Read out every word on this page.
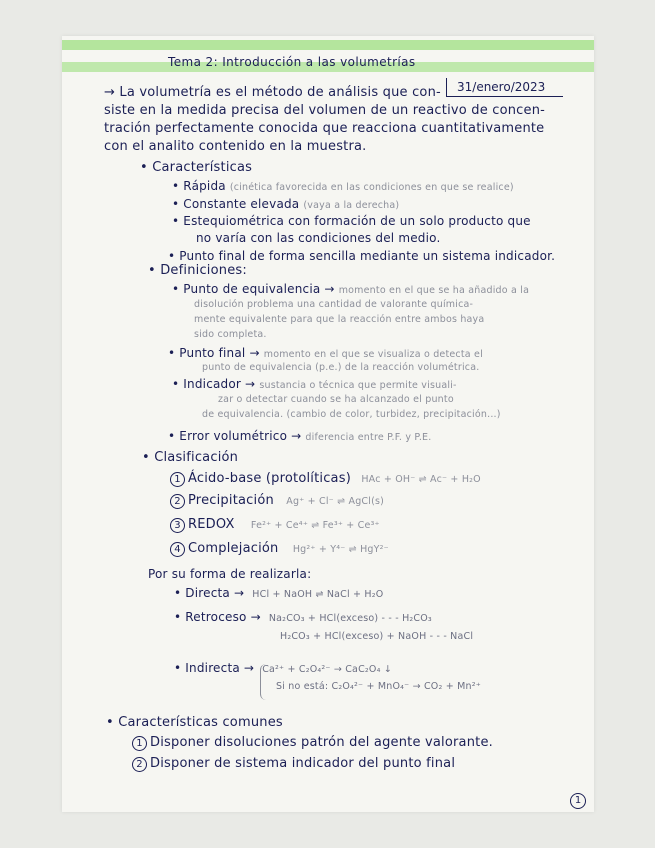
Tema 2: Introducción a las volumetrías
31/enero/2023
→ La volumetría es el método de análisis que con-
siste en la medida precisa del volumen de un reactivo de concen-
tración perfectamente conocida que reacciona cuantitativamente
con el analito contenido en la muestra.
• Características
• Rápida (cinética favorecida en las condiciones en que se realice)
• Constante elevada (vaya a la derecha)
• Estequiométrica con formación de un solo producto que
no varía con las condiciones del medio.
• Punto final de forma sencilla mediante un sistema indicador.
• Definiciones:
• Punto de equivalencia → momento en el que se ha añadido a la
disolución problema una cantidad de valorante química-
mente equivalente para que la reacción entre ambos haya
sido completa.
• Punto final → momento en el que se visualiza o detecta el
punto de equivalencia (p.e.) de la reacción volumétrica.
• Indicador → sustancia o técnica que permite visuali-
zar o detectar cuando se ha alcanzado el punto
de equivalencia. (cambio de color, turbidez, precipitación...)
• Error volumétrico → diferencia entre P.F. y P.E.
• Clasificación
1 Ácido-base (protolíticas) HAc + OH⁻ ⇌ Ac⁻ + H₂O
2 Precipitación Ag⁺ + Cl⁻ ⇌ AgCl(s)
3 REDOX Fe²⁺ + Ce⁴⁺ ⇌ Fe³⁺ + Ce³⁺
4 Complejación Hg²⁺ + Y⁴⁻ ⇌ HgY²⁻
Por su forma de realizarla:
• Directa → HCl + NaOH ⇌ NaCl + H₂O
• Retroceso → Na₂CO₃ + HCl(exceso) - - - H₂CO₃
H₂CO₃ + HCl(exceso) + NaOH - - - NaCl
• Indirecta → Ca²⁺ + C₂O₄²⁻ → CaC₂O₄ ↓
Si no está: C₂O₄²⁻ + MnO₄⁻ → CO₂ + Mn²⁺
• Características comunes
1 Disponer disoluciones patrón del agente valorante.
2 Disponer de sistema indicador del punto final
1
